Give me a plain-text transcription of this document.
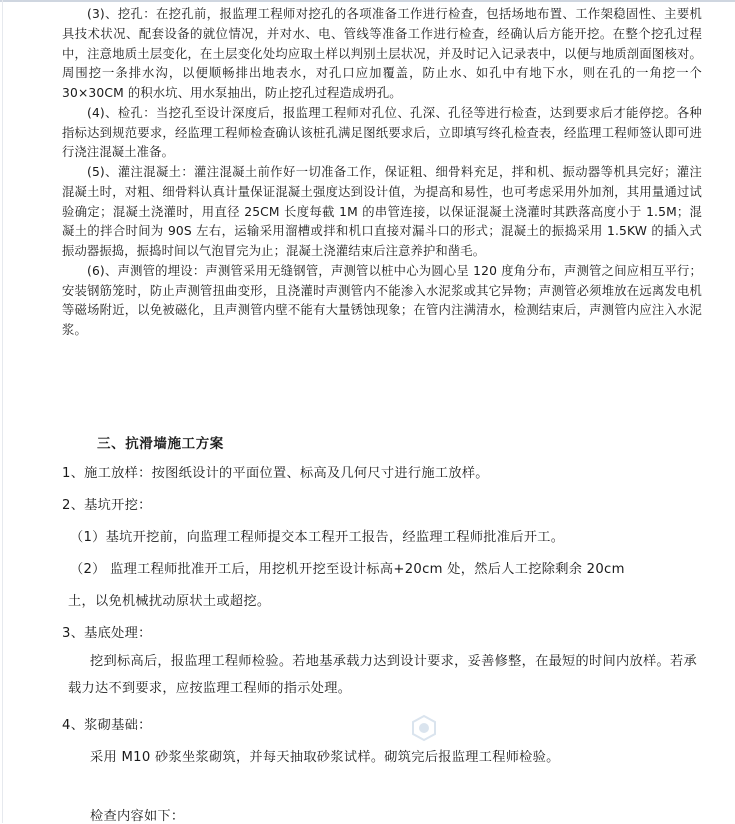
(3)、挖孔：在挖孔前，报监理工程师对挖孔的各项准备工作进行检查，包括场地布置、工作架稳固性、主要机具技术状况、配套设备的就位情况，并对水、电、管线等准备工作进行检查，经确认后方能开挖。在整个挖孔过程中，注意地质土层变化，在土层变化处均应取土样以判别土层状况，并及时记入记录表中，以便与地质剖面图核对。周围挖一条排水沟，以便顺畅排出地表水，对孔口应加覆盖，防止水、如孔中有地下水，则在孔的一角挖一个 30×30CM 的积水坑、用水泵抽出，防止挖孔过程造成坍孔。

(4)、检孔：当挖孔至设计深度后，报监理工程师对孔位、孔深、孔径等进行检查，达到要求后才能停挖。各种指标达到规范要求，经监理工程师检查确认该桩孔满足图纸要求后，立即填写终孔检查表，经监理工程师签认即可进行浇注混凝土准备。

(5)、灌注混凝土：灌注混凝土前作好一切准备工作，保证粗、细骨料充足，拌和机、振动器等机具完好；灌注混凝土时，对粗、细骨料认真计量保证混凝土强度达到设计值，为提高和易性，也可考虑采用外加剂，其用量通过试验确定；混凝土浇灌时，用直径 25CM 长度每截 1M 的串管连接，以保证混凝土浇灌时其跌落高度小于 1.5M；混凝土的拌合时间为 90S 左右，运输采用溜槽或拌和机口直接对漏斗口的形式；混凝土的振捣采用 1.5KW 的插入式振动器振捣，振捣时间以气泡冒完为止；混凝土浇灌结束后注意养护和凿毛。

(6)、声测管的埋设：声测管采用无缝钢管，声测管以桩中心为圆心呈 120 度角分布，声测管之间应相互平行；安装钢筋笼时，防止声测管扭曲变形，且浇灌时声测管内不能渗入水泥浆或其它异物；声测管必须堆放在远离发电机等磁场附近，以免被磁化，且声测管内壁不能有大量锈蚀现象；在管内注满清水，检测结束后，声测管内应注入水泥浆。

三、抗滑墙施工方案
1、施工放样：按图纸设计的平面位置、标高及几何尺寸进行施工放样。
2、基坑开挖：
（1）基坑开挖前，向监理工程师提交本工程开工报告，经监理工程师批准后开工。
（2） 监理工程师批准开工后，用挖机开挖至设计标高+20cm 处，然后人工挖除剩余 20cm
土，以免机械扰动原状土或超挖。
3、基底处理：

挖到标高后，报监理工程师检验。若地基承载力达到设计要求，妥善修整，在最短的时间内放样。若承载力达不到要求，应按监理工程师的指示处理。

4、浆砌基础：
采用 M10 砂浆坐浆砌筑，并每天抽取砂浆试样。砌筑完后报监理工程师检验。
检查内容如下：
